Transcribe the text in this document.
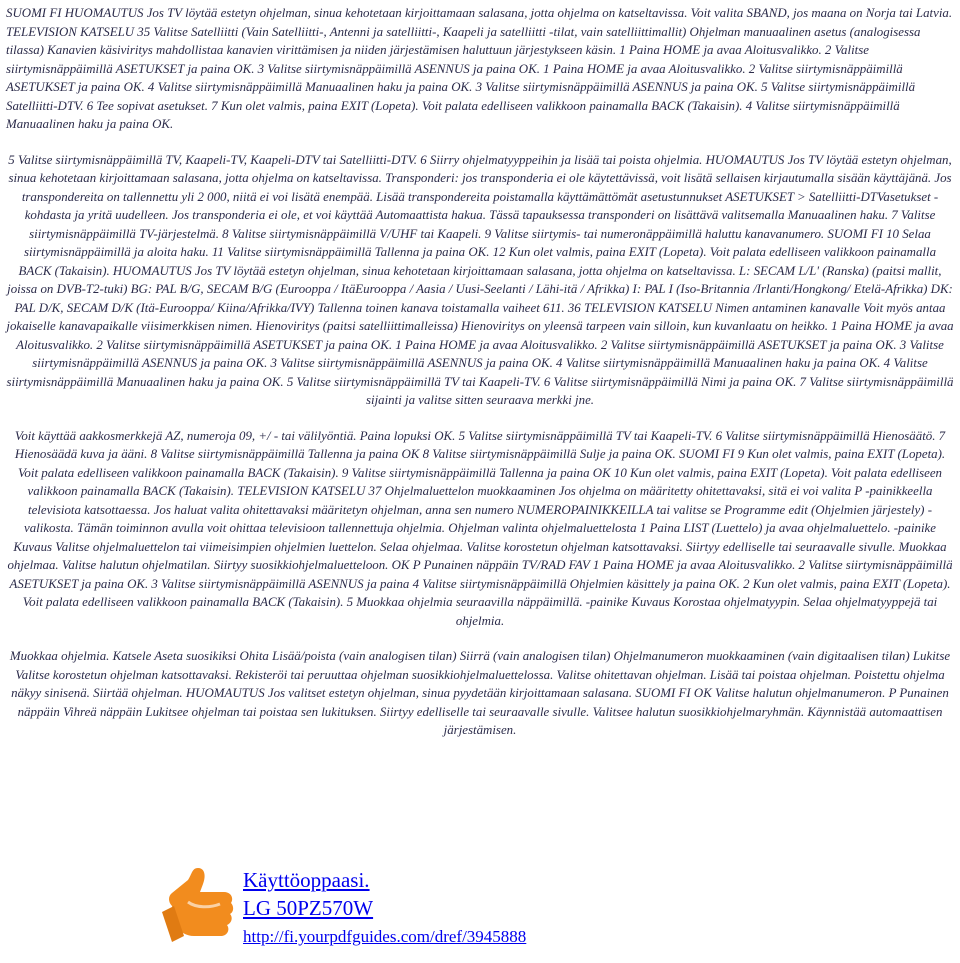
SUOMI FI HUOMAUTUS Jos TV löytää estetyn ohjelman, sinua kehotetaan kirjoittamaan salasana, jotta ohjelma on katseltavissa. Voit valita SBAND, jos maana on Norja tai Latvia. TELEVISION KATSELU 35 Valitse Satelliitti (Vain Satelliitti-, Antenni ja satelliitti-, Kaapeli ja satelliitti -tilat, vain satelliittimallit) Ohjelman manuaalinen asetus (analogisessa tilassa) Kanavien käsiviritys mahdollistaa kanavien virittämisen ja niiden järjestämisen haluttuun järjestykseen käsin. 1 Paina HOME ja avaa Aloitusvalikko. 2 Valitse siirtymisnäppäimillä ASETUKSET ja paina OK. 3 Valitse siirtymisnäppäimillä ASENNUS ja paina OK. 1 Paina HOME ja avaa Aloitusvalikko. 2 Valitse siirtymisnäppäimillä ASETUKSET ja paina OK. 4 Valitse siirtymisnäppäimillä Manuaalinen haku ja paina OK. 3 Valitse siirtymisnäppäimillä ASENNUS ja paina OK. 5 Valitse siirtymisnäppäimillä Satelliitti-DTV. 6 Tee sopivat asetukset. 7 Kun olet valmis, paina EXIT (Lopeta). Voit palata edelliseen valikkoon painamalla BACK (Takaisin). 4 Valitse siirtymisnäppäimillä Manuaalinen haku ja paina OK.

5 Valitse siirtymisnäppäimillä TV, Kaapeli-TV, Kaapeli-DTV tai Satelliitti-DTV. 6 Siirry ohjelmatyyppeihin ja lisää tai poista ohjelmia. HUOMAUTUS Jos TV löytää estetyn ohjelman, sinua kehotetaan kirjoittamaan salasana, jotta ohjelma on katseltavissa. Transponderi: jos transponderia ei ole käytettävissä, voit lisätä sellaisen kirjautumalla sisään käyttäjänä. Jos transpondereita on tallennettu yli 2 000, niitä ei voi lisätä enempää. Lisää transpondereita poistamalla käyttämättömät asetustunnukset ASETUKSET > Satelliitti-DTVasetukset -kohdasta ja yritä uudelleen. Jos transponderia ei ole, et voi käyttää Automaattista hakua. Tässä tapauksessa transponderi on lisättävä valitsemalla Manuaalinen haku. 7 Valitse siirtymisnäppäimillä TV-järjestelmä. 8 Valitse siirtymisnäppäimillä V/UHF tai Kaapeli. 9 Valitse siirtymis- tai numeronäppäimillä haluttu kanavanumero. SUOMI FI 10 Selaa siirtymisnäppäimillä ja aloita haku. 11 Valitse siirtymisnäppäimillä Tallenna ja paina OK. 12 Kun olet valmis, paina EXIT (Lopeta). Voit palata edelliseen valikkoon painamalla BACK (Takaisin). HUOMAUTUS Jos TV löytää estetyn ohjelman, sinua kehotetaan kirjoittamaan salasana, jotta ohjelma on katseltavissa. L: SECAM L/L' (Ranska) (paitsi mallit, joissa on DVB-T2-tuki) BG: PAL B/G, SECAM B/G (Eurooppa / ItäEurooppa / Aasia / Uusi-Seelanti / Lähi-itä / Afrikka) I: PAL I (Iso-Britannia /Irlanti/Hongkong/ Etelä-Afrikka) DK: PAL D/K, SECAM D/K (Itä-Eurooppa/ Kiina/Afrikka/IVY) Tallenna toinen kanava toistamalla vaiheet 611. 36 TELEVISION KATSELU Nimen antaminen kanavalle Voit myös antaa jokaiselle kanavapaikalle viisimerkkisen nimen. Hienoviritys (paitsi satelliittimalleissa) Hienoviritys on yleensä tarpeen vain silloin, kun kuvanlaatu on heikko. 1 Paina HOME ja avaa Aloitusvalikko. 2 Valitse siirtymisnäppäimillä ASETUKSET ja paina OK. 1 Paina HOME ja avaa Aloitusvalikko. 2 Valitse siirtymisnäppäimillä ASETUKSET ja paina OK. 3 Valitse siirtymisnäppäimillä ASENNUS ja paina OK. 3 Valitse siirtymisnäppäimillä ASENNUS ja paina OK. 4 Valitse siirtymisnäppäimillä Manuaalinen haku ja paina OK. 4 Valitse siirtymisnäppäimillä Manuaalinen haku ja paina OK. 5 Valitse siirtymisnäppäimillä TV tai Kaapeli-TV. 6 Valitse siirtymisnäppäimillä Nimi ja paina OK. 7 Valitse siirtymisnäppäimillä sijainti ja valitse sitten seuraava merkki jne.

Voit käyttää aakkosmerkkejä AZ, numeroja 09, +/ - tai välilyöntiä. Paina lopuksi OK. 5 Valitse siirtymisnäppäimillä TV tai Kaapeli-TV. 6 Valitse siirtymisnäppäimillä Hienosäätö. 7 Hienosäädä kuva ja ääni. 8 Valitse siirtymisnäppäimillä Tallenna ja paina OK 8 Valitse siirtymisnäppäimillä Sulje ja paina OK. SUOMI FI 9 Kun olet valmis, paina EXIT (Lopeta). Voit palata edelliseen valikkoon painamalla BACK (Takaisin). 9 Valitse siirtymisnäppäimillä Tallenna ja paina OK 10 Kun olet valmis, paina EXIT (Lopeta). Voit palata edelliseen valikkoon painamalla BACK (Takaisin). TELEVISION KATSELU 37 Ohjelmaluettelon muokkaaminen Jos ohjelma on määritetty ohitettavaksi, sitä ei voi valita P -painikkeella televisiota katsottaessa. Jos haluat valita ohitettavaksi määritetyn ohjelman, anna sen numero NUMEROPAINIKKEILLA tai valitse se Programme edit (Ohjelmien järjestely) -valikosta. Tämän toiminnon avulla voit ohittaa televisioon tallennettuja ohjelmia. Ohjelman valinta ohjelmaluettelosta 1 Paina LIST (Luettelo) ja avaa ohjelmaluettelo. -painike Kuvaus Valitse ohjelmaluettelon tai viimeisimpien ohjelmien luettelon. Selaa ohjelmaa. Valitse korostetun ohjelman katsottavaksi. Siirtyy edelliselle tai seuraavalle sivulle. Muokkaa ohjelmaa. Valitse halutun ohjelmatilan. Siirtyy suosikkiohjelmaluetteloon. OK P Punainen näppäin TV/RAD FAV 1 Paina HOME ja avaa Aloitusvalikko. 2 Valitse siirtymisnäppäimillä ASETUKSET ja paina OK. 3 Valitse siirtymisnäppäimillä ASENNUS ja paina 4 Valitse siirtymisnäppäimillä Ohjelmien käsittely ja paina OK. 2 Kun olet valmis, paina EXIT (Lopeta). Voit palata edelliseen valikkoon painamalla BACK (Takaisin). 5 Muokkaa ohjelmia seuraavilla näppäimillä. -painike Kuvaus Korostaa ohjelmatyypin. Selaa ohjelmatyyppejä tai ohjelmia.

Muokkaa ohjelmia. Katsele Aseta suosikiksi Ohita Lisää/poista (vain analogisen tilan) Siirrä (vain analogisen tilan) Ohjelmanumeron muokkaaminen (vain digitaalisen tilan) Lukitse Valitse korostetun ohjelman katsottavaksi. Rekisteröi tai peruuttaa ohjelman suosikkiohjelmaluettelossa. Valitse ohitettavan ohjelman. Lisää tai poistaa ohjelman. Poistettu ohjelma näkyy sinisenä. Siirtää ohjelman. HUOMAUTUS Jos valitset estetyn ohjelman, sinua pyydetään kirjoittamaan salasana. SUOMI FI OK Valitse halutun ohjelmanumeron. P Punainen näppäin Vihreä näppäin Lukitsee ohjelman tai poistaa sen lukituksen. Siirtyy edelliselle tai seuraavalle sivulle. Valitsee halutun suosikkiohjelmaryhmän. Käynnistää automaattisen järjestämisen.

Käyttöoppaasi.
LG 50PZ570W
http://fi.yourpdfguides.com/dref/3945888
